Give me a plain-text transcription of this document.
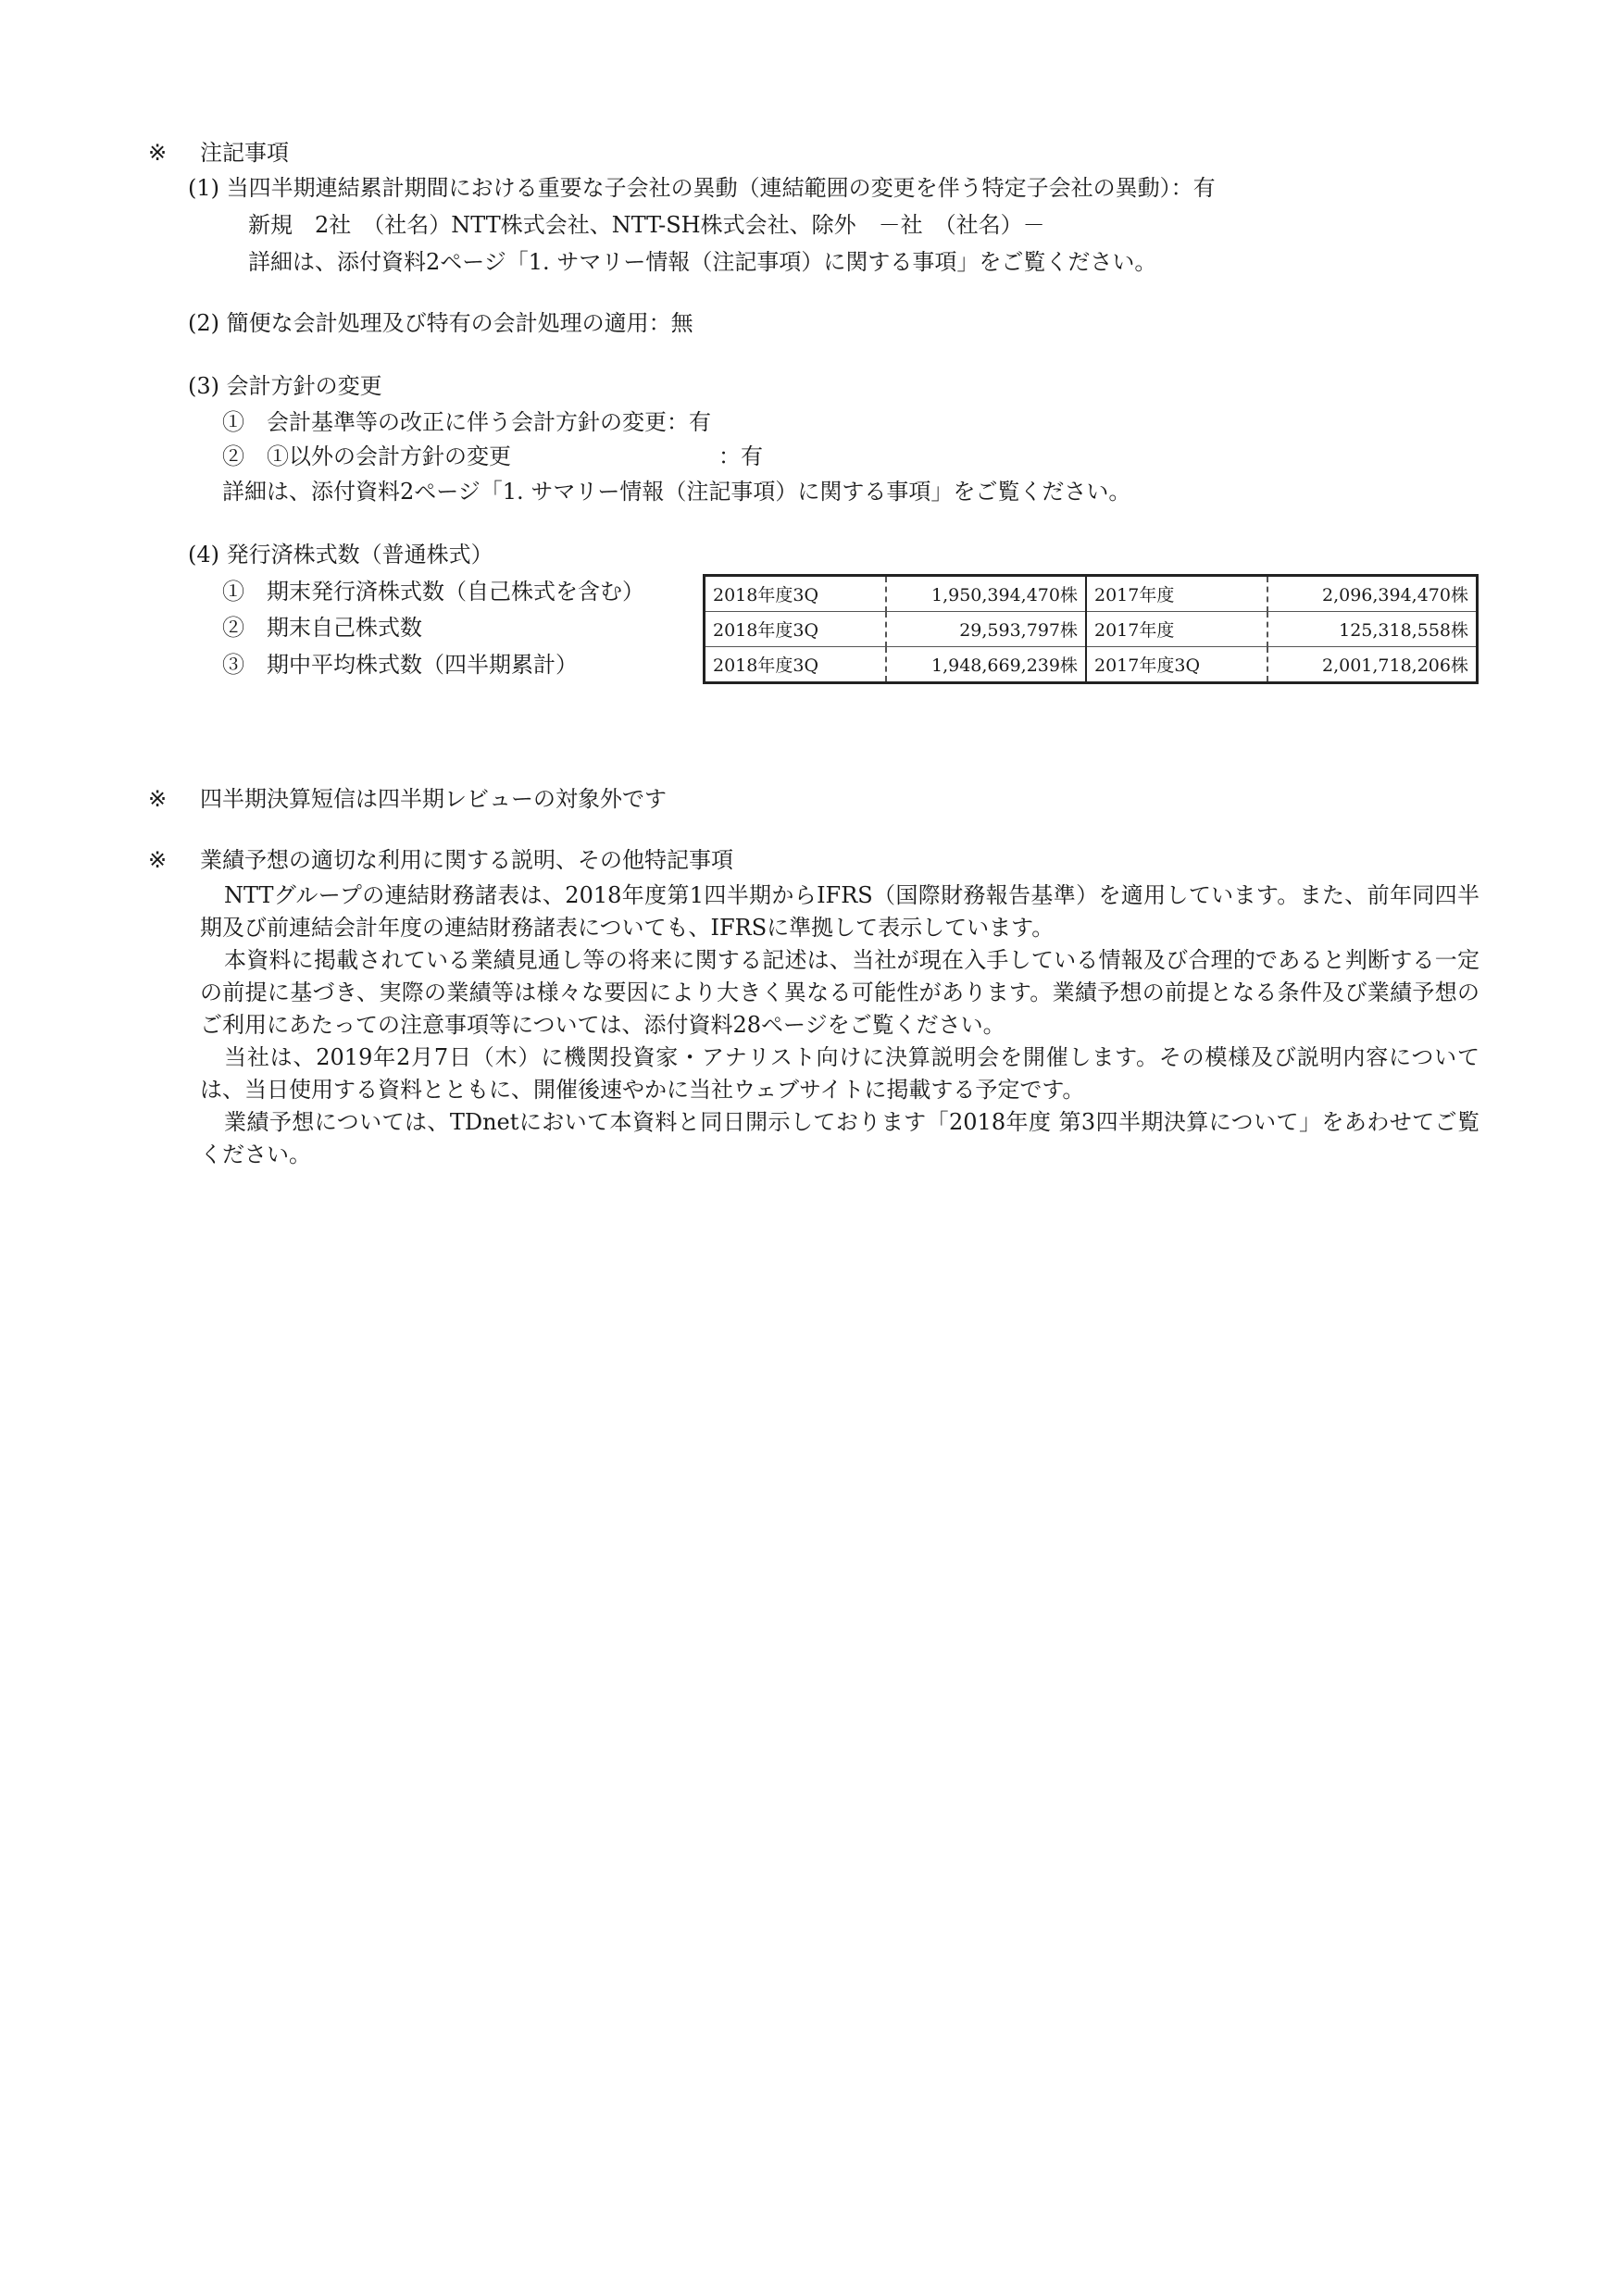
※ 注記事項
(1) 当四半期連結累計期間における重要な子会社の異動（連結範囲の変更を伴う特定子会社の異動）：有
新規　2社　（社名）NTT株式会社、NTT-SH株式会社、除外　－社　（社名）－
詳細は、添付資料2ページ「1. サマリー情報（注記事項）に関する事項」をご覧ください。
(2) 簡便な会計処理及び特有の会計処理の適用：無
(3) 会計方針の変更
①　会計基準等の改正に伴う会計方針の変更：有
②　①以外の会計方針の変更	：有
詳細は、添付資料2ページ「1. サマリー情報（注記事項）に関する事項」をご覧ください。
(4) 発行済株式数（普通株式）
①　期末発行済株式数（自己株式を含む）
②　期末自己株式数
③　期中平均株式数（四半期累計）
2018年度3Q	1,950,394,470株	2017年度	2,096,394,470株
2018年度3Q	29,593,797株	2017年度	125,318,558株
2018年度3Q	1,948,669,239株	2017年度3Q	2,001,718,206株
※ 四半期決算短信は四半期レビューの対象外です
※ 業績予想の適切な利用に関する説明、その他特記事項

NTTグループの連結財務諸表は、2018年度第1四半期からIFRS（国際財務報告基準）を適用しています。また、前年同四半期及び前連結会計年度の連結財務諸表についても、IFRSに準拠して表示しています。

本資料に掲載されている業績見通し等の将来に関する記述は、当社が現在入手している情報及び合理的であると判断する一定の前提に基づき、実際の業績等は様々な要因により大きく異なる可能性があります。業績予想の前提となる条件及び業績予想のご利用にあたっての注意事項等については、添付資料28ページをご覧ください。

当社は、2019年2月7日（木）に機関投資家・アナリスト向けに決算説明会を開催します。その模様及び説明内容については、当日使用する資料とともに、開催後速やかに当社ウェブサイトに掲載する予定です。

業績予想については、TDnetにおいて本資料と同日開示しております「2018年度 第3四半期決算について」をあわせてご覧ください。
